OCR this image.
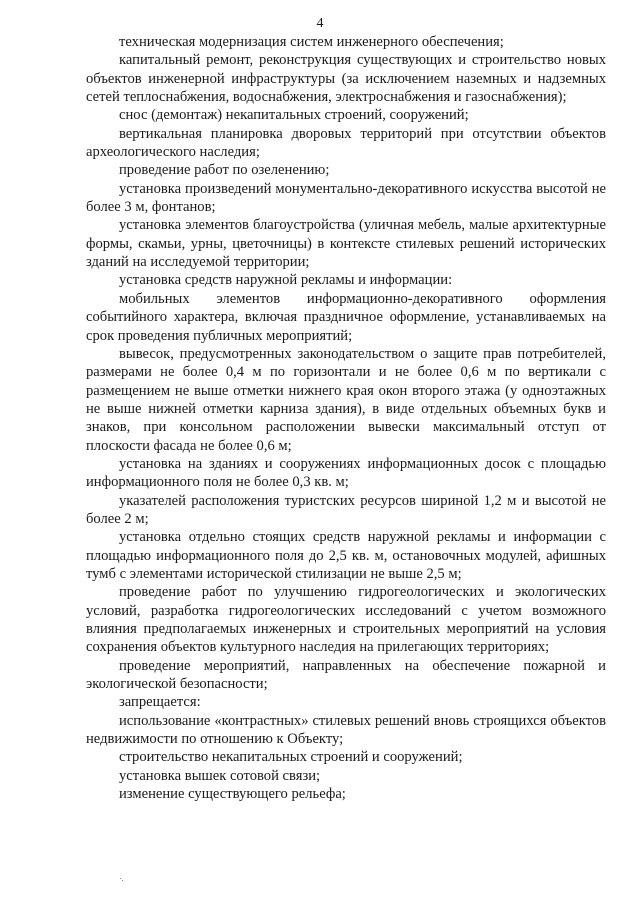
4

техническая модернизация систем инженерного обеспечения;

капитальный ремонт, реконструкция существующих и строительство новых объектов инженерной инфраструктуры (за исключением наземных и надземных сетей теплоснабжения, водоснабжения, электроснабжения и газоснабжения);

снос (демонтаж) некапитальных строений, сооружений;

вертикальная планировка дворовых территорий при отсутствии объектов археологического наследия;

проведение работ по озеленению;

установка произведений монументально-декоративного искусства высотой не более 3 м, фонтанов;

установка элементов благоустройства (уличная мебель, малые архитектурные формы, скамьи, урны, цветочницы) в контексте стилевых решений исторических зданий на исследуемой территории;

установка средств наружной рекламы и информации:

мобильных элементов информационно-декоративного оформления событийного характера, включая праздничное оформление, устанавливаемых на срок проведения публичных мероприятий;

вывесок, предусмотренных законодательством о защите прав потребителей, размерами не более 0,4 м по горизонтали и не более 0,6 м по вертикали с размещением не выше отметки нижнего края окон второго этажа (у одноэтажных не выше нижней отметки карниза здания), в виде отдельных объемных букв и знаков, при консольном расположении вывески максимальный отступ от плоскости фасада не более 0,6 м;

установка на зданиях и сооружениях информационных досок с площадью информационного поля не более 0,3 кв. м;

указателей расположения туристских ресурсов шириной 1,2 м и высотой не более 2 м;

установка отдельно стоящих средств наружной рекламы и информации с площадью информационного поля до 2,5 кв. м, остановочных модулей, афишных тумб с элементами исторической стилизации не выше 2,5 м;

проведение работ по улучшению гидрогеологических и экологических условий, разработка гидрогеологических исследований с учетом возможного влияния предполагаемых инженерных и строительных мероприятий на условия сохранения объектов культурного наследия на прилегающих территориях;

проведение мероприятий, направленных на обеспечение пожарной и экологической безопасности;

запрещается:

использование «контрастных» стилевых решений вновь строящихся объектов недвижимости по отношению к Объекту;

строительство некапитальных строений и сооружений;

установка вышек сотовой связи;

изменение существующего рельефа;
